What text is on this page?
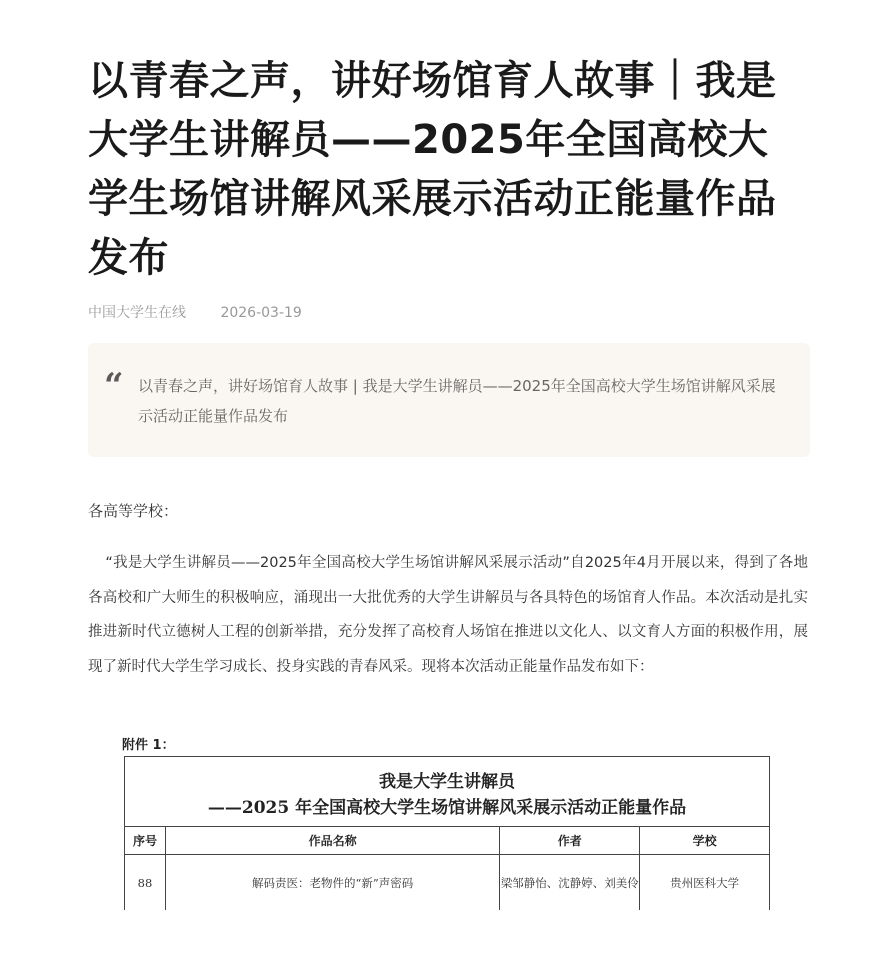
以青春之声，讲好场馆育人故事｜我是大学生讲解员——2025年全国高校大学生场馆讲解风采展示活动正能量作品发布
中国大学生在线 2026-03-19
“ 以青春之声，讲好场馆育人故事 | 我是大学生讲解员——2025年全国高校大学生场馆讲解风采展示活动正能量作品发布

各高等学校：

“我是大学生讲解员——2025年全国高校大学生场馆讲解风采展示活动”自2025年4月开展以来，得到了各地各高校和广大师生的积极响应，涌现出一大批优秀的大学生讲解员与各具特色的场馆育人作品。本次活动是扎实推进新时代立德树人工程的创新举措，充分发挥了高校育人场馆在推进以文化人、以文育人方面的积极作用，展现了新时代大学生学习成长、投身实践的青春风采。现将本次活动正能量作品发布如下：

附件 1：
我是大学生讲解员
——2025 年全国高校大学生场馆讲解风采展示活动正能量作品			

序号	作品名称	作者	学校
88	解码责医：老物件的“新”声密码	梁邹静怡、沈静婷、刘美伶	贵州医科大学
